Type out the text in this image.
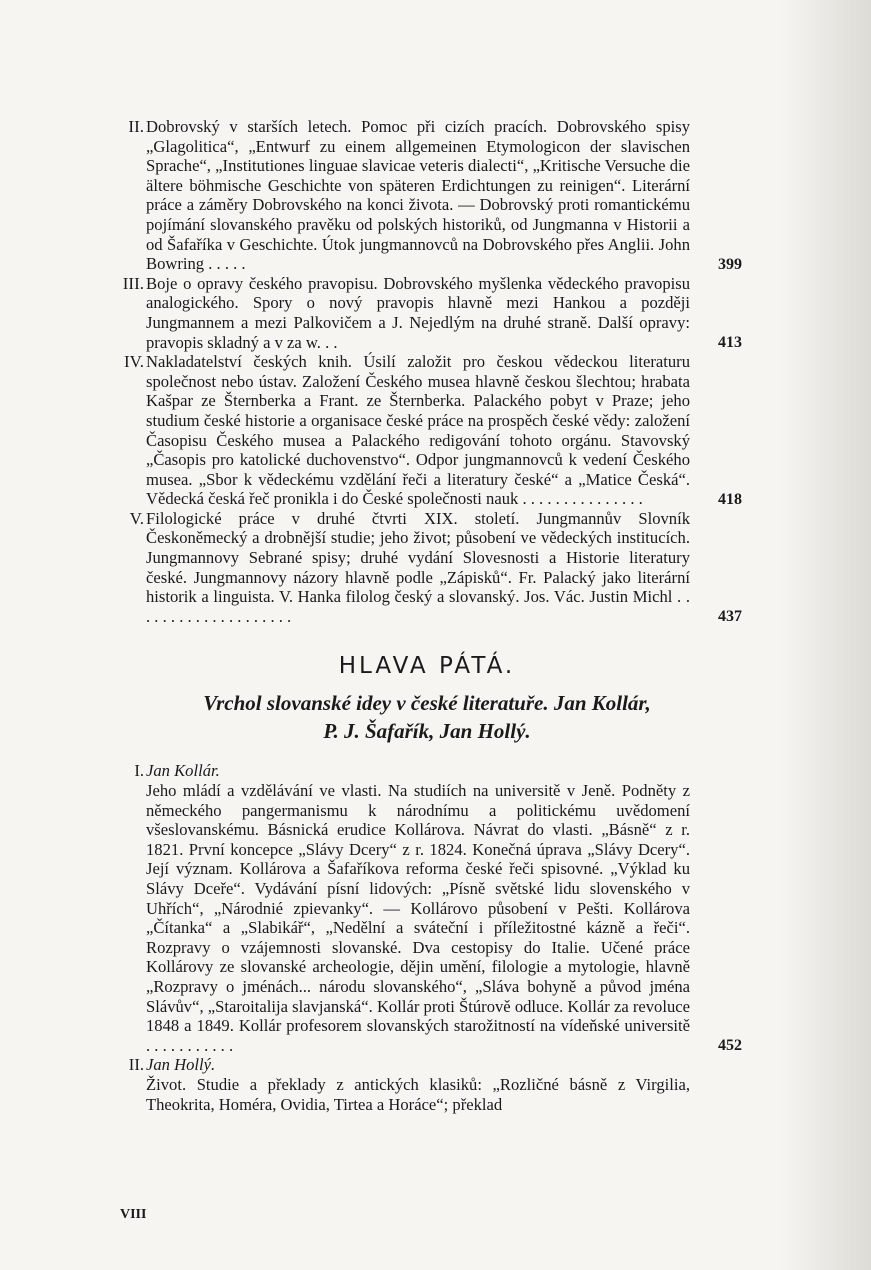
II. Dobrovský v starších letech. Pomoc při cizích pracích. Dobrovského spisy „Glagolitica“, „Entwurf zu einem allgemeinen Etymologicon der slavischen Sprache“, „Institutiones linguae slavicae veteris dialecti“, „Kritische Versuche die ältere böhmische Geschichte von späteren Erdichtungen zu reinigen“. Literární práce a záměry Dobrovského na konci života. — Dobrovský proti romantickému pojímání slovanského pravěku od polských historiků, od Jungmanna v Historii a od Šafaříka v Geschichte. Útok jungmannovců na Dobrovského přes Anglii. John Bowring . . . . .	399
III. Boje o opravy českého pravopisu. Dobrovského myšlenka vědeckého pravopisu analogického. Spory o nový pravopis hlavně mezi Hankou a později Jungmannem a mezi Palkovičem a J. Nejedlým na druhé straně. Další opravy: pravopis skladný a v za w. . .	413
IV. Nakladatelství českých knih. Úsilí založit pro českou vědeckou literaturu společnost nebo ústav. Založení Českého musea hlavně českou šlechtou; hrabata Kašpar ze Šternberka a Frant. ze Šternberka. Palackého pobyt v Praze; jeho studium české historie a organisace české práce na prospěch české vědy: založení Časopisu Českého musea a Palackého redigování tohoto orgánu. Stavovský „Časopis pro katolické duchovenstvo“. Odpor jungmannovců k vedení Českého musea. „Sbor k vědeckému vzdělání řeči a literatury české“ a „Matice Česká“. Vědecká česká řeč pronikla i do České společnosti nauk . . . . . . . . . . . . . . .	418
V. Filologické práce v druhé čtvrti XIX. století. Jungmannův Slovník Českoněmecký a drobnější studie; jeho život; působení ve vědeckých institucích. Jungmannovy Sebrané spisy; druhé vydání Slovesnosti a Historie literatury české. Jungmannovy názory hlavně podle „Zápisků“. Fr. Palacký jako literární historik a linguista. V. Hanka filolog český a slovanský. Jos. Vác. Justin Michl . . . . . . . . . . . . . . . . . . . .	437
HLAVA PÁTÁ.
Vrchol slovanské idey v české literatuře. Jan Kollár,
P. J. Šafařík, Jan Hollý.
I. Jan Kollár.
Jeho mládí a vzdělávání ve vlasti. Na studiích na universitě v Jeně. Podněty z německého pangermanismu k národnímu a politickému uvědomení všeslovanskému. Básnická erudice Kollárova. Návrat do vlasti. „Básně“ z r. 1821. První koncepce „Slávy Dcery“ z r. 1824. Konečná úprava „Slávy Dcery“. Její význam. Kollárova a Šafaříkova reforma české řeči spisovné. „Výklad ku Slávy Dceře“. Vydávání písní lidových: „Písně světské lidu slovenského v Uhřích“, „Národnié zpievanky“. — Kollárovo působení v Pešti. Kollárova „Čítanka“ a „Slabikář“, „Nedělní a sváteční i příležitostné kázně a řeči“. Rozpravy o vzájemnosti slovanské. Dva cestopisy do Italie. Učené práce Kollárovy ze slovanské archeologie, dějin umění, filologie a mytologie, hlavně „Rozpravy o jménách... národu slovanského“, „Sláva bohyně a původ jména Slávův“, „Staroitalija slavjanská“. Kollár proti Štúrově odluce. Kollár za revoluce 1848 a 1849. Kollár profesorem slovanských starožitností na vídeňské universitě . . . . . . . . . . .	452
II. Jan Hollý.
Život. Studie a překlady z antických klasiků: „Rozličné básně z Virgilia, Theokrita, Homéra, Ovidia, Tirtea a Horáce“; překlad
VIII
